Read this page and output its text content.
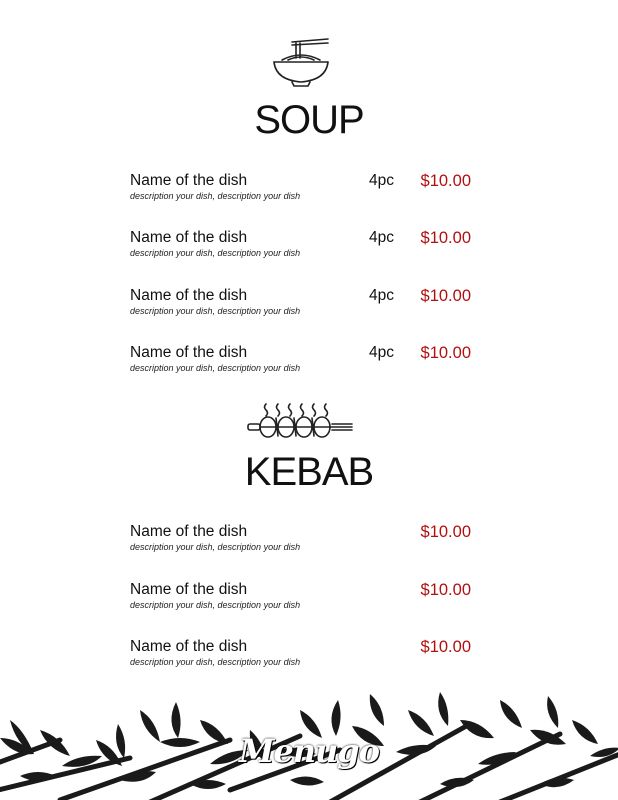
SOUP
Name of the dish
description your dish, description your dish
4pc $10.00
Name of the dish
description your dish, description your dish
4pc $10.00
Name of the dish
description your dish, description your dish
4pc $10.00
Name of the dish
description your dish, description your dish
4pc $10.00
KEBAB
Name of the dish
description your dish, description your dish
$10.00
Name of the dish
description your dish, description your dish
$10.00
Name of the dish
description your dish, description your dish
$10.00
Menugo
